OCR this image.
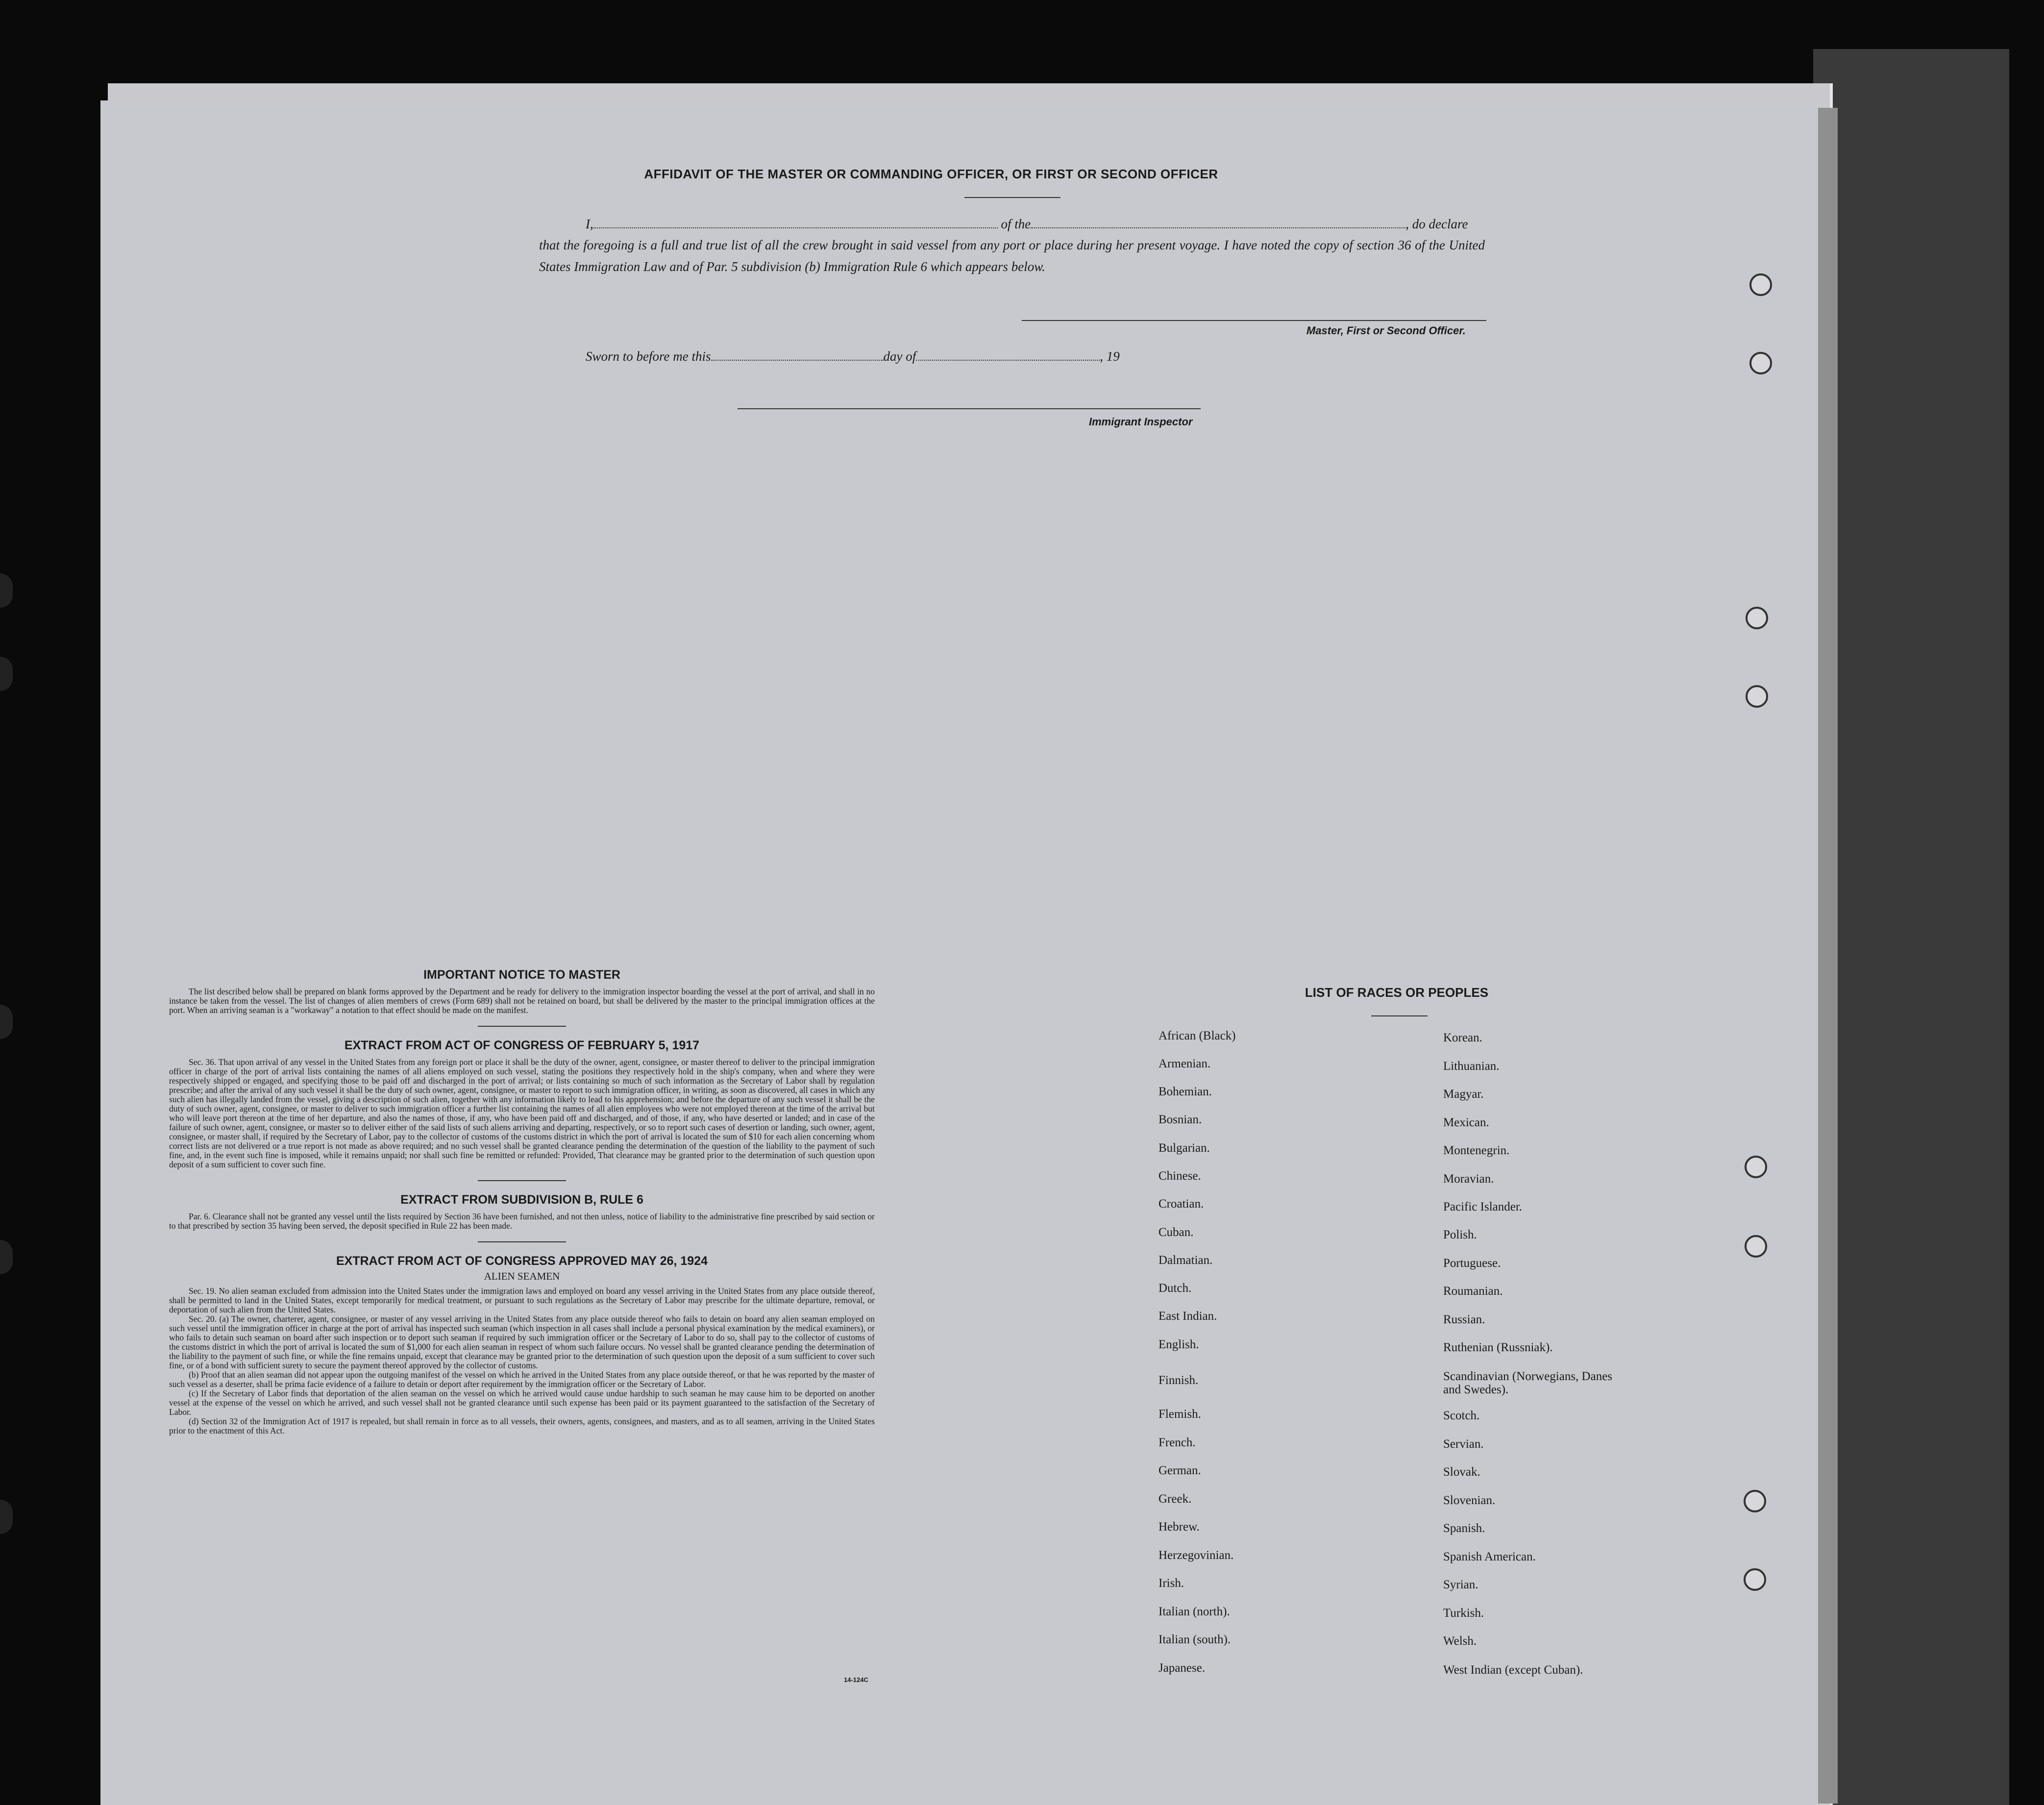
AFFIDAVIT OF THE MASTER OR COMMANDING OFFICER, OR FIRST OR SECOND OFFICER
I,	of the	, do declare
that the foregoing is a full and true list of all the crew brought in said vessel from any port or place during her present voyage. I have noted the copy of section 36 of the United States Immigration Law and of Par. 5 subdivision (b) Immigration Rule 6 which appears below.
Master, First or Second Officer.
Sworn to before me this	day of	, 19
Immigrant Inspector
IMPORTANT NOTICE TO MASTER

The list described below shall be prepared on blank forms approved by the Department and be ready for delivery to the immigration inspector boarding the vessel at the port of arrival, and shall in no instance be taken from the vessel. The list of changes of alien members of crews (Form 689) shall not be retained on board, but shall be delivered by the master to the principal immigration offices at the port. When an arriving seaman is a "workaway" a notation to that effect should be made on the manifest.

EXTRACT FROM ACT OF CONGRESS OF FEBRUARY 5, 1917

Sec. 36. That upon arrival of any vessel in the United States from any foreign port or place it shall be the duty of the owner, agent, consignee, or master thereof to deliver to the principal immigration officer in charge of the port of arrival lists containing the names of all aliens employed on such vessel, stating the positions they respectively hold in the ship's company, when and where they were respectively shipped or engaged, and specifying those to be paid off and discharged in the port of arrival; or lists containing so much of such information as the Secretary of Labor shall by regulation prescribe; and after the arrival of any such vessel it shall be the duty of such owner, agent, consignee, or master to report to such immigration officer, in writing, as soon as discovered, all cases in which any such alien has illegally landed from the vessel, giving a description of such alien, together with any information likely to lead to his apprehension; and before the departure of any such vessel it shall be the duty of such owner, agent, consignee, or master to deliver to such immigration officer a further list containing the names of all alien employees who were not employed thereon at the time of the arrival but who will leave port thereon at the time of her departure, and also the names of those, if any, who have been paid off and discharged, and of those, if any, who have deserted or landed; and in case of the failure of such owner, agent, consignee, or master so to deliver either of the said lists of such aliens arriving and departing, respectively, or so to report such cases of desertion or landing, such owner, agent, consignee, or master shall, if required by the Secretary of Labor, pay to the collector of customs of the customs district in which the port of arrival is located the sum of $10 for each alien concerning whom correct lists are not delivered or a true report is not made as above required; and no such vessel shall be granted clearance pending the determination of the question of the liability to the payment of such fine, and, in the event such fine is imposed, while it remains unpaid; nor shall such fine be remitted or refunded: Provided, That clearance may be granted prior to the determination of such question upon deposit of a sum sufficient to cover such fine.

EXTRACT FROM SUBDIVISION B, RULE 6

Par. 6. Clearance shall not be granted any vessel until the lists required by Section 36 have been furnished, and not then unless, notice of liability to the administrative fine prescribed by said section or to that prescribed by section 35 having been served, the deposit specified in Rule 22 has been made.

EXTRACT FROM ACT OF CONGRESS APPROVED MAY 26, 1924
ALIEN SEAMEN

Sec. 19. No alien seaman excluded from admission into the United States under the immigration laws and employed on board any vessel arriving in the United States from any place outside thereof, shall be permitted to land in the United States, except temporarily for medical treatment, or pursuant to such regulations as the Secretary of Labor may prescribe for the ultimate departure, removal, or deportation of such alien from the United States.

Sec. 20. (a) The owner, charterer, agent, consignee, or master of any vessel arriving in the United States from any place outside thereof who fails to detain on board any alien seaman employed on such vessel until the immigration officer in charge at the port of arrival has inspected such seaman (which inspection in all cases shall include a personal physical examination by the medical examiners), or who fails to detain such seaman on board after such inspection or to deport such seaman if required by such immigration officer or the Secretary of Labor to do so, shall pay to the collector of customs of the customs district in which the port of arrival is located the sum of $1,000 for each alien seaman in respect of whom such failure occurs. No vessel shall be granted clearance pending the determination of the liability to the payment of such fine, or while the fine remains unpaid, except that clearance may be granted prior to the determination of such question upon the deposit of a sum sufficient to cover such fine, or of a bond with sufficient surety to secure the payment thereof approved by the collector of customs.

(b) Proof that an alien seaman did not appear upon the outgoing manifest of the vessel on which he arrived in the United States from any place outside thereof, or that he was reported by the master of such vessel as a deserter, shall be prima facie evidence of a failure to detain or deport after requirement by the immigration officer or the Secretary of Labor.

(c) If the Secretary of Labor finds that deportation of the alien seaman on the vessel on which he arrived would cause undue hardship to such seaman he may cause him to be deported on another vessel at the expense of the vessel on which he arrived, and such vessel shall not be granted clearance until such expense has been paid or its payment guaranteed to the satisfaction of the Secretary of Labor.

(d) Section 32 of the Immigration Act of 1917 is repealed, but shall remain in force as to all vessels, their owners, agents, consignees, and masters, and as to all seamen, arriving in the United States prior to the enactment of this Act.

14-124C
LIST OF RACES OR PEOPLES
African (Black)
Armenian.
Bohemian.
Bosnian.
Bulgarian.
Chinese.
Croatian.
Cuban.
Dalmatian.
Dutch.
East Indian.
English.
Finnish.
Flemish.
French.
German.
Greek.
Hebrew.
Herzegovinian.
Irish.
Italian (north).
Italian (south).
Japanese.
Korean.
Lithuanian.
Magyar.
Mexican.
Montenegrin.
Moravian.
Pacific Islander.
Polish.
Portuguese.
Roumanian.
Russian.
Ruthenian (Russniak).
Scandinavian (Norwegians, Danes and Swedes).
Scotch.
Servian.
Slovak.
Slovenian.
Spanish.
Spanish American.
Syrian.
Turkish.
Welsh.
West Indian (except Cuban).
